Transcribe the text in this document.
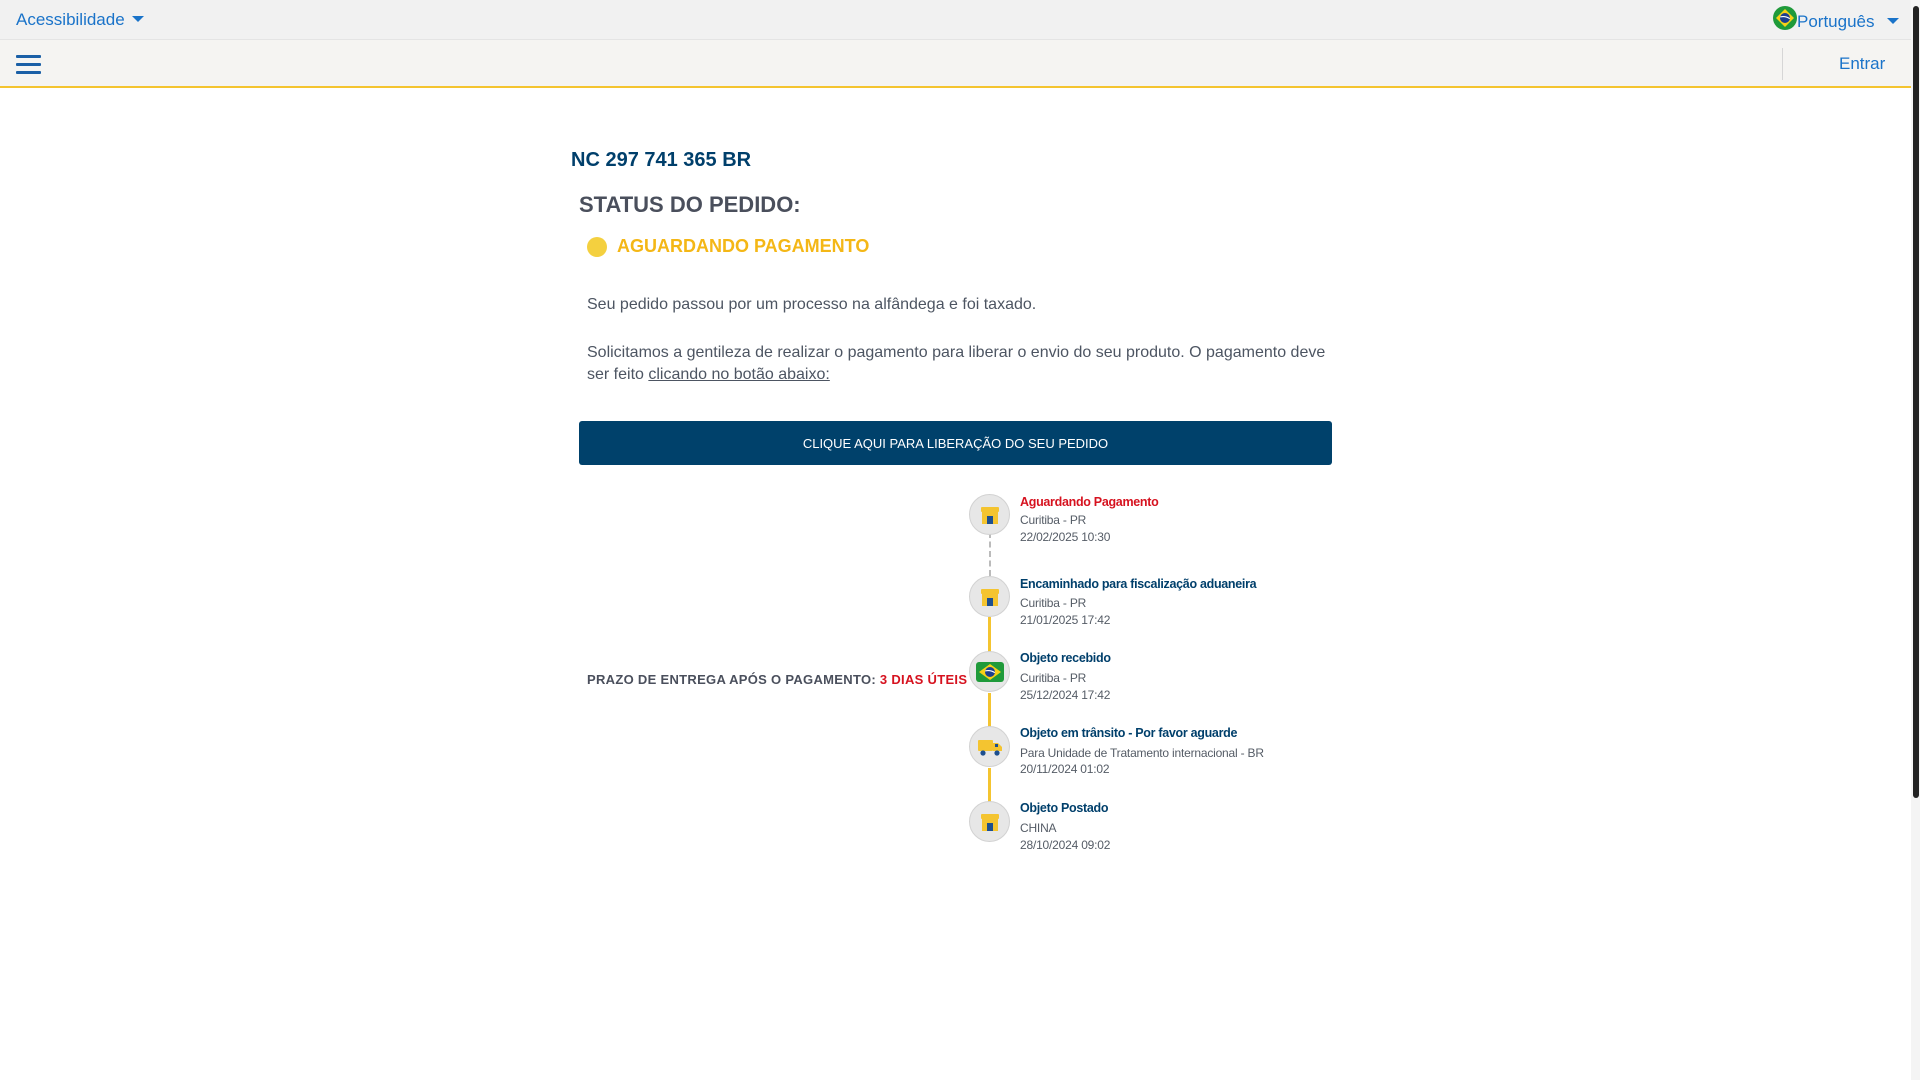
Acessibilidade	Português
Entrar
NC 297 741 365 BR
STATUS DO PEDIDO:
AGUARDANDO PAGAMENTO
Seu pedido passou por um processo na alfândega e foi taxado.
Solicitamos a gentileza de realizar o pagamento para liberar o envio do seu produto. O pagamento deve ser feito clicando no botão abaixo:
CLIQUE AQUI PARA LIBERAÇÃO DO SEU PEDIDO
PRAZO DE ENTREGA APÓS O PAGAMENTO: 3 DIAS ÚTEIS
Aguardando Pagamento
Curitiba - PR
22/02/2025 10:30
Encaminhado para fiscalização aduaneira
Curitiba - PR
21/01/2025 17:42
Objeto recebido
Curitiba - PR
25/12/2024 17:42
Objeto em trânsito - Por favor aguarde
Para Unidade de Tratamento internacional - BR
20/11/2024 01:02
Objeto Postado
CHINA
28/10/2024 09:02
